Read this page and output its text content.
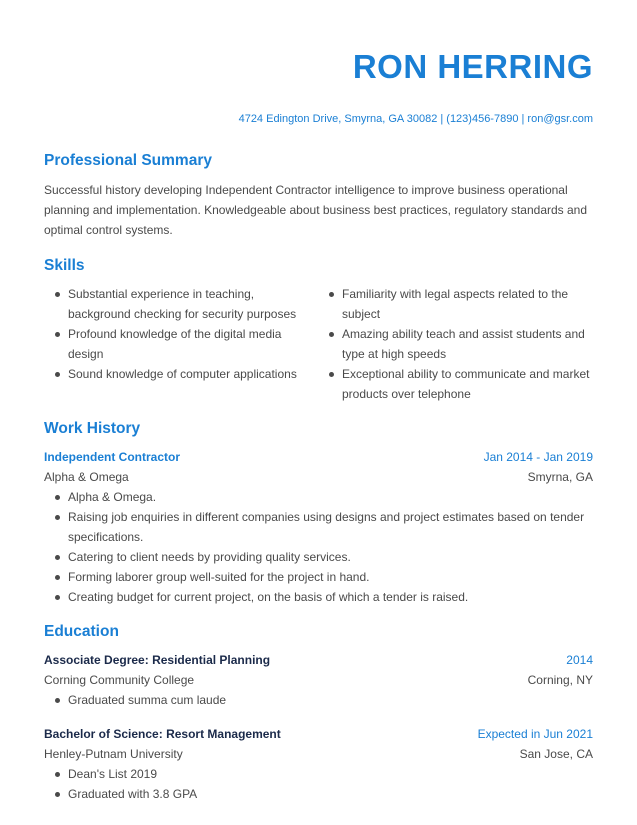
RON HERRING
4724 Edington Drive, Smyrna, GA 30082 | (123)456-7890 | ron@gsr.com
Professional Summary
Successful history developing Independent Contractor intelligence to improve business operational planning and implementation. Knowledgeable about business best practices, regulatory standards and optimal control systems.
Skills
Substantial experience in teaching, background checking for security purposes
Profound knowledge of the digital media design
Sound knowledge of computer applications
Familiarity with legal aspects related to the subject
Amazing ability teach and assist students and type at high speeds
Exceptional ability to communicate and market products over telephone
Work History
Independent Contractor	Jan 2014 - Jan 2019
Alpha & Omega	Smyrna, GA
Alpha & Omega.
Raising job enquiries in different companies using designs and project estimates based on tender specifications.
Catering to client needs by providing quality services.
Forming laborer group well-suited for the project in hand.
Creating budget for current project, on the basis of which a tender is raised.
Education
Associate Degree: Residential Planning	2014
Corning Community College	Corning, NY
Graduated summa cum laude
Bachelor of Science: Resort Management	Expected in Jun 2021
Henley-Putnam University	San Jose, CA
Dean's List 2019
Graduated with 3.8 GPA
